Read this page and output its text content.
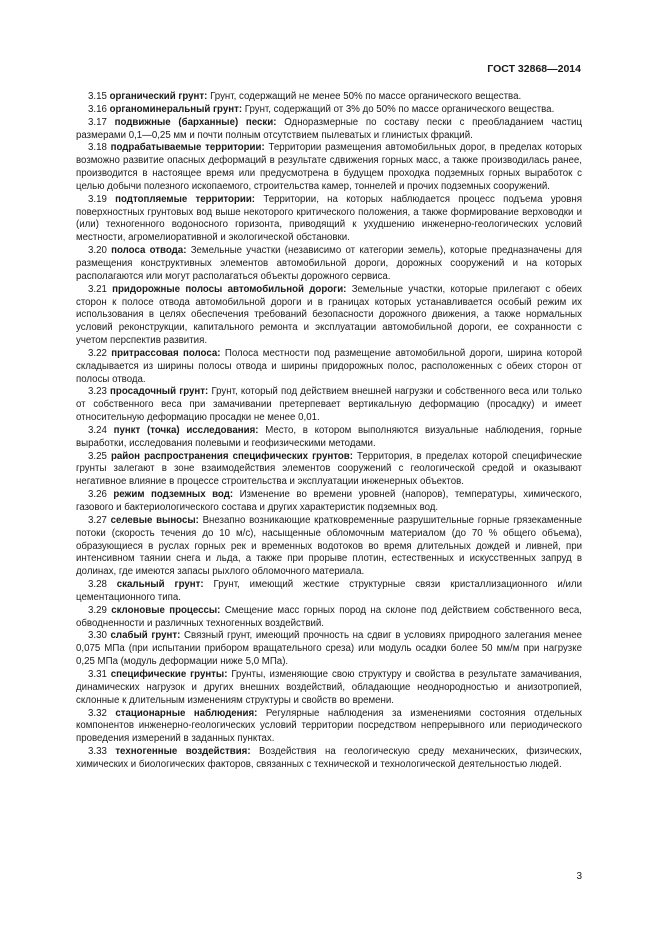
ГОСТ 32868—2014

3.15 органический грунт: Грунт, содержащий не менее 50% по массе органического вещества.

3.16 органоминеральный грунт: Грунт, содержащий от 3% до 50% по массе органического вещества.

3.17 подвижные (барханные) пески: Одноразмерные по составу пески с преобладанием частиц размерами 0,1—0,25 мм и почти полным отсутствием пылеватых и глинистых фракций.

3.18 подрабатываемые территории: Территории размещения автомобильных дорог, в пределах которых возможно развитие опасных деформаций в результате сдвижения горных масс, а также производилась ранее, производится в настоящее время или предусмотрена в будущем проходка подземных горных выработок с целью добычи полезного ископаемого, строительства камер, тоннелей и прочих подземных сооружений.

3.19 подтопляемые территории: Территории, на которых наблюдается процесс подъема уровня поверхностных грунтовых вод выше некоторого критического положения, а также формирование верховодки и (или) техногенного водоносного горизонта, приводящий к ухудшению инженерно-геологических условий местности, агромелиоративной и экологической обстановки.

3.20 полоса отвода: Земельные участки (независимо от категории земель), которые предназначены для размещения конструктивных элементов автомобильной дороги, дорожных сооружений и на которых располагаются или могут располагаться объекты дорожного сервиса.

3.21 придорожные полосы автомобильной дороги: Земельные участки, которые прилегают с обеих сторон к полосе отвода автомобильной дороги и в границах которых устанавливается особый режим их использования в целях обеспечения требований безопасности дорожного движения, а также нормальных условий реконструкции, капитального ремонта и эксплуатации автомобильной дороги, ее сохранности с учетом перспектив развития.

3.22 притрассовая полоса: Полоса местности под размещение автомобильной дороги, ширина которой складывается из ширины полосы отвода и ширины придорожных полос, расположенных с обеих сторон от полосы отвода.

3.23 просадочный грунт: Грунт, который под действием внешней нагрузки и собственного веса или только от собственного веса при замачивании претерпевает вертикальную деформацию (просадку) и имеет относительную деформацию просадки не менее 0,01.

3.24 пункт (точка) исследования: Место, в котором выполняются визуальные наблюдения, горные выработки, исследования полевыми и геофизическими методами.

3.25 район распространения специфических грунтов: Территория, в пределах которой специфические грунты залегают в зоне взаимодействия элементов сооружений с геологической средой и оказывают негативное влияние в процессе строительства и эксплуатации инженерных объектов.

3.26 режим подземных вод: Изменение во времени уровней (напоров), температуры, химического, газового и бактериологического состава и других характеристик подземных вод.

3.27 селевые выносы: Внезапно возникающие кратковременные разрушительные горные грязекаменные потоки (скорость течения до 10 м/с), насыщенные обломочным материалом (до 70 % общего объема), образующиеся в руслах горных рек и временных водотоков во время длительных дождей и ливней, при интенсивном таянии снега и льда, а также при прорыве плотин, естественных и искусственных запруд в долинах, где имеются запасы рыхлого обломочного материала.

3.28 скальный грунт: Грунт, имеющий жесткие структурные связи кристаллизационного и/или цементационного типа.

3.29 склоновые процессы: Смещение масс горных пород на склоне под действием собственного веса, обводненности и различных техногенных воздействий.

3.30 слабый грунт: Связный грунт, имеющий прочность на сдвиг в условиях природного залегания менее 0,075 МПа (при испытании прибором вращательного среза) или модуль осадки более 50 мм/м при нагрузке 0,25 МПа (модуль деформации ниже 5,0 МПа).

3.31 специфические грунты: Грунты, изменяющие свою структуру и свойства в результате замачивания, динамических нагрузок и других внешних воздействий, обладающие неоднородностью и анизотропией, склонные к длительным изменениям структуры и свойств во времени.

3.32 стационарные наблюдения: Регулярные наблюдения за изменениями состояния отдельных компонентов инженерно-геологических условий территории посредством непрерывного или периодического проведения измерений в заданных пунктах.

3.33 техногенные воздействия: Воздействия на геологическую среду механических, физических, химических и биологических факторов, связанных с технической и технологической деятельностью людей.

3
